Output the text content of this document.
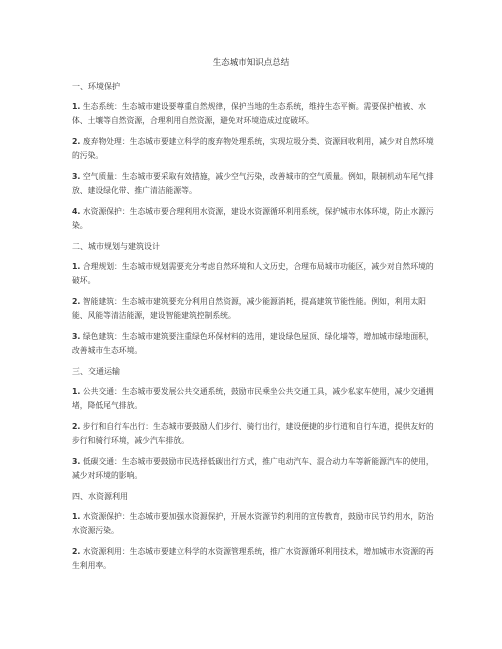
生态城市知识点总结
一、环境保护
1. 生态系统：生态城市建设要尊重自然规律，保护当地的生态系统，维持生态平衡。需要保护植被、水体、土壤等自然资源，合理利用自然资源，避免对环境造成过度破坏。
2. 废弃物处理：生态城市要建立科学的废弃物处理系统，实现垃圾分类、资源回收利用，减少对自然环境的污染。
3. 空气质量：生态城市要采取有效措施，减少空气污染，改善城市的空气质量。例如，限制机动车尾气排放、建设绿化带、推广清洁能源等。
4. 水资源保护：生态城市要合理利用水资源，建设水资源循环利用系统，保护城市水体环境，防止水源污染。
二、城市规划与建筑设计
1. 合理规划：生态城市规划需要充分考虑自然环境和人文历史，合理布局城市功能区，减少对自然环境的破坏。
2. 智能建筑：生态城市建筑要充分利用自然资源，减少能源消耗，提高建筑节能性能。例如，利用太阳能、风能等清洁能源，建设智能建筑控制系统。
3. 绿色建筑：生态城市建筑要注重绿色环保材料的选用，建设绿色屋顶、绿化墙等，增加城市绿地面积，改善城市生态环境。
三、交通运输
1. 公共交通：生态城市要发展公共交通系统，鼓励市民乘坐公共交通工具，减少私家车使用，减少交通拥堵，降低尾气排放。
2. 步行和自行车出行：生态城市要鼓励人们步行、骑行出行，建设便捷的步行道和自行车道，提供友好的步行和骑行环境，减少汽车排放。
3. 低碳交通：生态城市要鼓励市民选择低碳出行方式，推广电动汽车、混合动力车等新能源汽车的使用，减少对环境的影响。
四、水资源利用
1. 水资源保护：生态城市要加强水资源保护，开展水资源节约利用的宣传教育，鼓励市民节约用水，防治水资源污染。
2. 水资源利用：生态城市要建立科学的水资源管理系统，推广水资源循环利用技术，增加城市水资源的再生利用率。
